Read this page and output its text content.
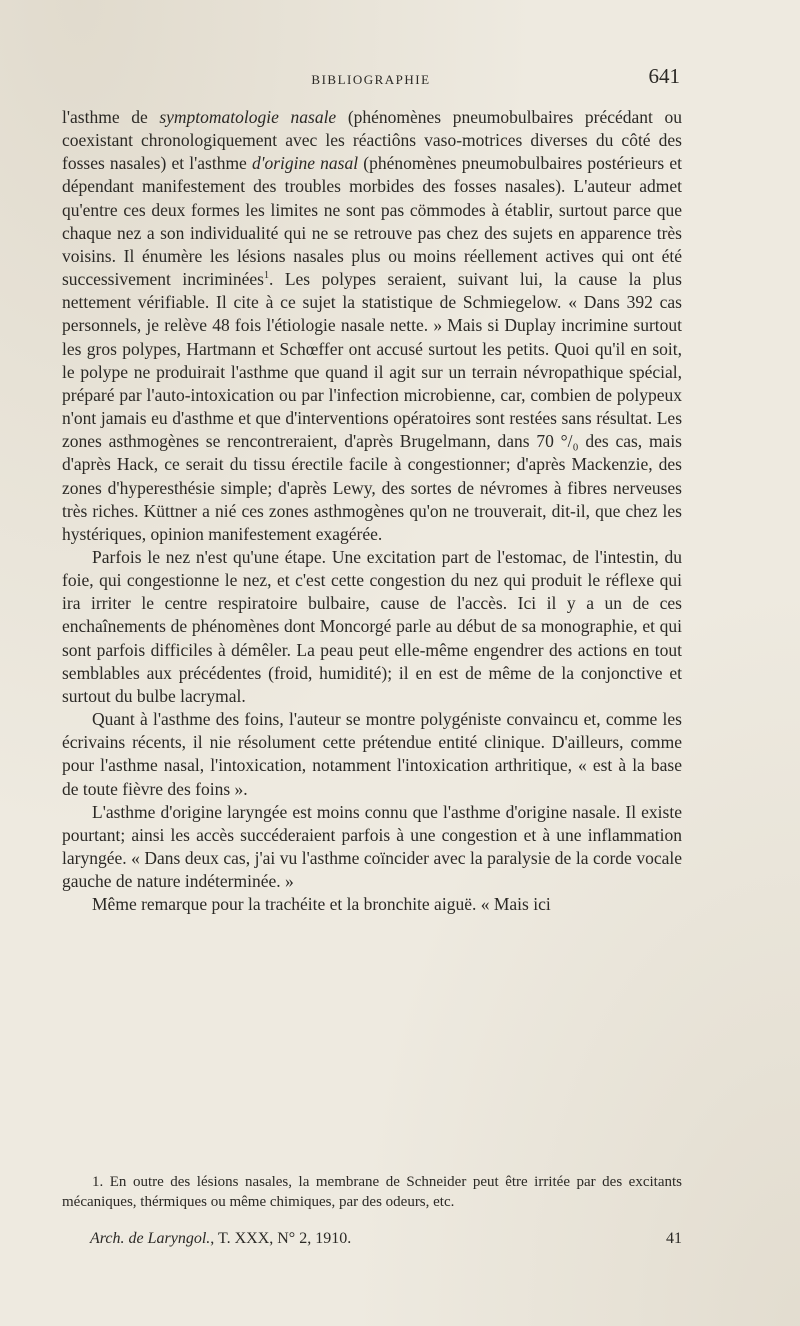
BIBLIOGRAPHIE	641

l'asthme de symptomatologie nasale (phénomènes pneumobulbaires précédant ou coexistant chronologiquement avec les réactiôns vaso-motrices diverses du côté des fosses nasales) et l'asthme d'origine nasal (phénomènes pneumobulbaires postérieurs et dépendant manifestement des troubles morbides des fosses nasales). L'auteur admet qu'entre ces deux formes les limites ne sont pas cömmodes à établir, surtout parce que chaque nez a son individualité qui ne se retrouve pas chez des sujets en apparence très voisins. Il énumère les lésions nasales plus ou moins réellement actives qui ont été successivement incriminées$^1$. Les polypes seraient, suivant lui, la cause la plus nettement vérifiable. Il cite à ce sujet la statistique de Schmiegelow. « Dans 392 cas personnels, je relève 48 fois l'étiologie nasale nette. » Mais si Duplay incrimine surtout les gros polypes, Hartmann et Schœffer ont accusé surtout les petits. Quoi qu'il en soit, le polype ne produirait l'asthme que quand il agit sur un terrain névropathique spécial, préparé par l'auto-intoxication ou par l'infection microbienne, car, combien de polypeux n'ont jamais eu d'asthme et que d'interventions opératoires sont restées sans résultat. Les zones asthmogènes se rencontreraient, d'après Brugelmann, dans 70 °/₀ des cas, mais d'après Hack, ce serait du tissu érectile facile à congestionner; d'après Mackenzie, des zones d'hyperesthésie simple; d'après Lewy, des sortes de névromes à fibres nerveuses très riches. Küttner a nié ces zones asthmogènes qu'on ne trouverait, dit-il, que chez les hystériques, opinion manifestement exagérée.

Parfois le nez n'est qu'une étape. Une excitation part de l'estomac, de l'intestin, du foie, qui congestionne le nez, et c'est cette congestion du nez qui produit le réflexe qui ira irriter le centre respiratoire bulbaire, cause de l'accès. Ici il y a un de ces enchaînements de phénomènes dont Moncorgé parle au début de sa monographie, et qui sont parfois difficiles à démêler. La peau peut elle-même engendrer des actions en tout semblables aux précédentes (froid, humidité); il en est de même de la conjonctive et surtout du bulbe lacrymal.

Quant à l'asthme des foins, l'auteur se montre polygéniste convaincu et, comme les écrivains récents, il nie résolument cette prétendue entité clinique. D'ailleurs, comme pour l'asthme nasal, l'intoxication, notamment l'intoxication arthritique, « est à la base de toute fièvre des foins ».

L'asthme d'origine laryngée est moins connu que l'asthme d'origine nasale. Il existe pourtant; ainsi les accès succéderaient parfois à une congestion et à une inflammation laryngée. « Dans deux cas, j'ai vu l'asthme coïncider avec la paralysie de la corde vocale gauche de nature indéterminée. »

Même remarque pour la trachéite et la bronchite aiguë. « Mais ici

1. En outre des lésions nasales, la membrane de Schneider peut être irritée par des excitants mécaniques, thérmiques ou même chimiques, par des odeurs, etc.

Arch. de Laryngol., T. XXX, N° 2, 1910.	41
